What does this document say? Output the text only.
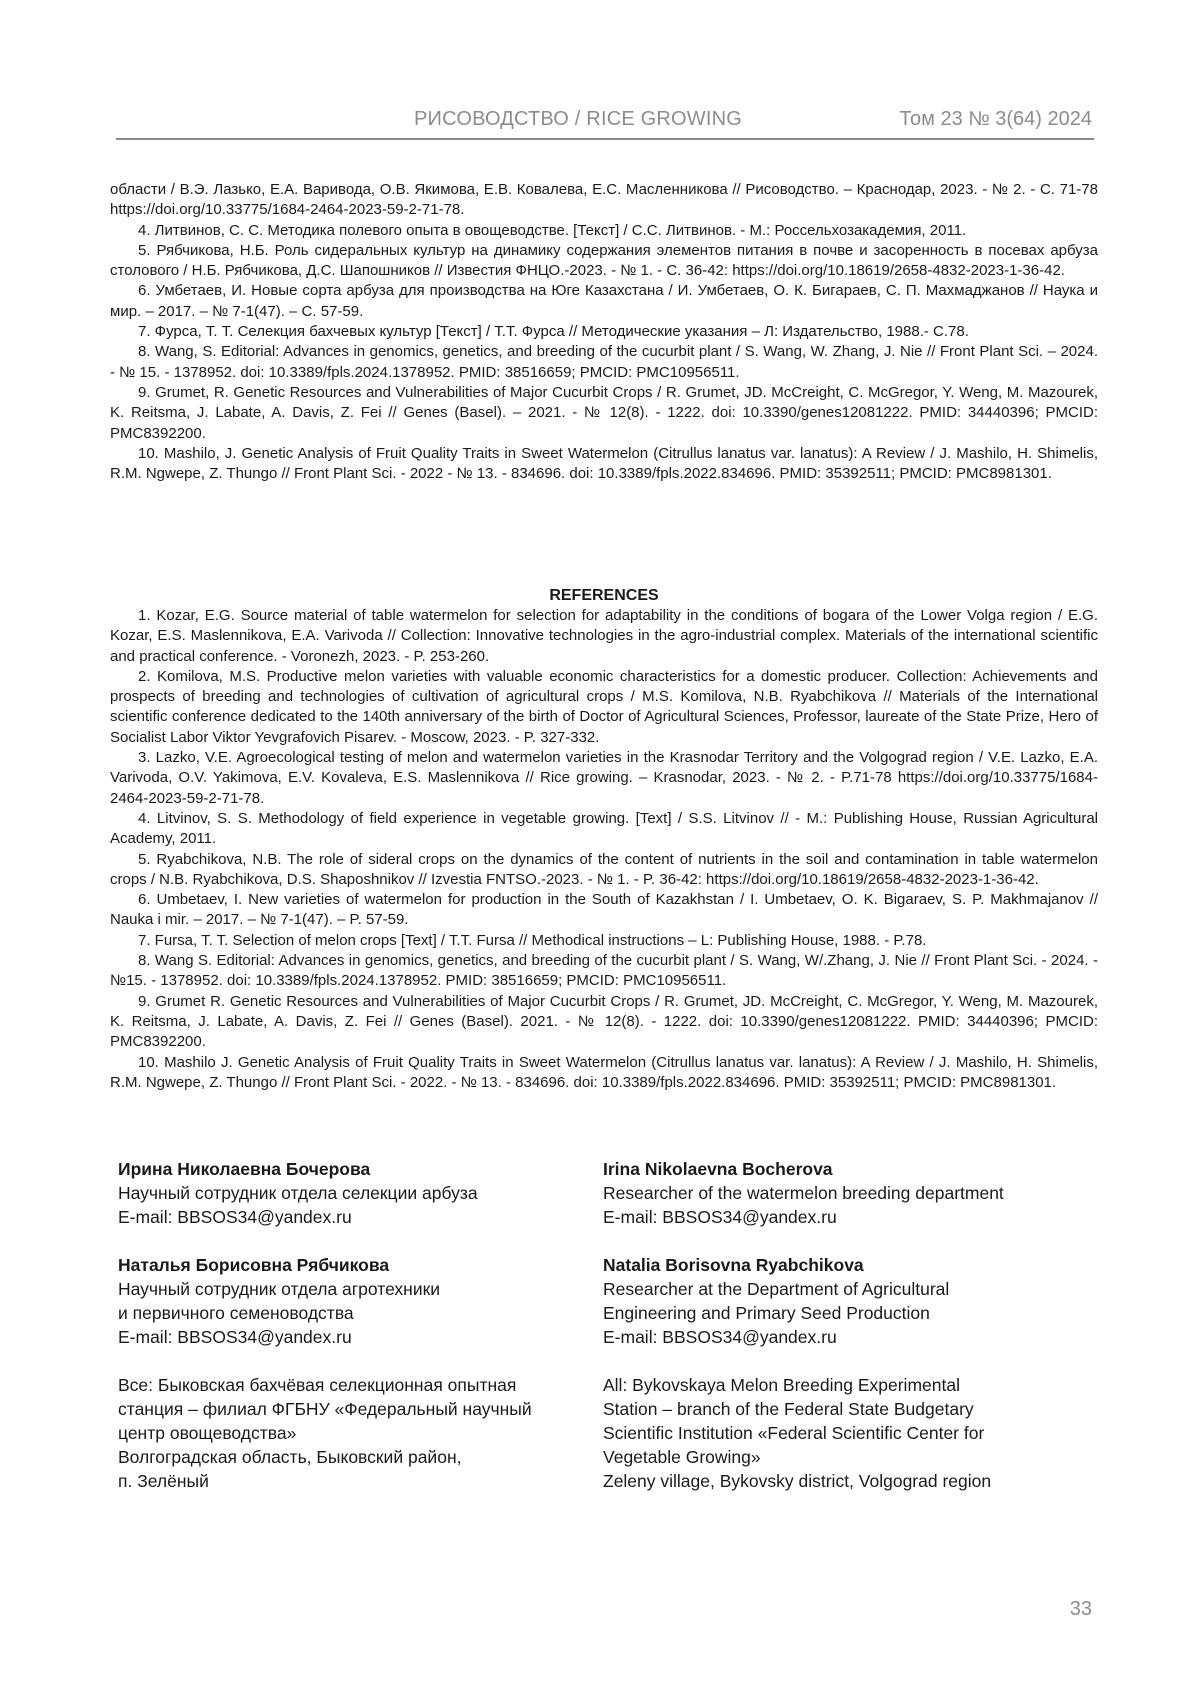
РИСОВОДСТВО / RICE GROWING	Том 23 № 3(64) 2024

области / В.Э. Лазько, Е.А. Варивода, О.В. Якимова, Е.В. Ковалева, Е.С. Масленникова // Рисоводство. – Краснодар, 2023. - № 2. - С. 71-78 https://doi.org/10.33775/1684-2464-2023-59-2-71-78.

4. Литвинов, С. С. Методика полевого опыта в овощеводстве. [Текст] / С.С. Литвинов. - М.: Россельхозакадемия, 2011.

5. Рябчикова, Н.Б. Роль сидеральных культур на динамику содержания элементов питания в почве и засоренность в посевах арбуза столового / Н.Б. Рябчикова, Д.С. Шапошников // Известия ФНЦО.-2023. - № 1. - С. 36-42: https://doi.org/10.18619/2658-4832-2023-1-36-42.

6. Умбетаев, И. Новые сорта арбуза для производства на Юге Казахстана / И. Умбетаев, О. К. Бигараев, С. П. Махмаджанов // Наука и мир. – 2017. – № 7-1(47). – С. 57-59.

7. Фурса, Т. Т. Селекция бахчевых культур [Текст] / Т.Т. Фурса // Методические указания – Л: Издательство, 1988.- С.78.

8. Wang, S. Editorial: Advances in genomics, genetics, and breeding of the cucurbit plant / S. Wang, W. Zhang, J. Nie // Front Plant Sci. – 2024. - № 15. - 1378952. doi: 10.3389/fpls.2024.1378952. PMID: 38516659; PMCID: PMC10956511.

9. Grumet, R. Genetic Resources and Vulnerabilities of Major Cucurbit Crops / R. Grumet, JD. McCreight, C. McGregor, Y. Weng, M. Mazourek, K. Reitsma, J. Labate, A. Davis, Z. Fei // Genes (Basel). – 2021. - № 12(8). - 1222. doi: 10.3390/genes12081222. PMID: 34440396; PMCID: PMC8392200.

10. Mashilo, J. Genetic Analysis of Fruit Quality Traits in Sweet Watermelon (Citrullus lanatus var. lanatus): A Review / J. Mashilo, H. Shimelis, R.M. Ngwepe, Z. Thungo // Front Plant Sci. - 2022 - № 13. - 834696. doi: 10.3389/fpls.2022.834696. PMID: 35392511; PMCID: PMC8981301.

REFERENCES

1. Kozar, E.G. Source material of table watermelon for selection for adaptability in the conditions of bogara of the Lower Volga region / E.G. Kozar, E.S. Maslennikova, E.A. Varivoda // Collection: Innovative technologies in the agro-industrial complex. Materials of the international scientific and practical conference. - Voronezh, 2023. - P. 253-260.

2. Komilova, M.S. Productive melon varieties with valuable economic characteristics for a domestic producer. Collection: Achievements and prospects of breeding and technologies of cultivation of agricultural crops / M.S. Komilova, N.B. Ryabchikova // Materials of the International scientific conference dedicated to the 140th anniversary of the birth of Doctor of Agricultural Sciences, Professor, laureate of the State Prize, Hero of Socialist Labor Viktor Yevgrafovich Pisarev. - Moscow, 2023. - P. 327-332.

3. Lazko, V.E. Agroecological testing of melon and watermelon varieties in the Krasnodar Territory and the Volgograd region / V.E. Lazko, E.A. Varivoda, O.V. Yakimova, E.V. Kovaleva, E.S. Maslennikova // Rice growing. – Krasnodar, 2023. - № 2. - P.71-78 https://doi.org/10.33775/1684-2464-2023-59-2-71-78.

4. Litvinov, S. S. Methodology of field experience in vegetable growing. [Text] / S.S. Litvinov // - M.: Publishing House, Russian Agricultural Academy, 2011.

5. Ryabchikova, N.B. The role of sideral crops on the dynamics of the content of nutrients in the soil and contamination in table watermelon crops / N.B. Ryabchikova, D.S. Shaposhnikov // Izvestia FNTSO.-2023. - № 1. - P. 36-42: https://doi.org/10.18619/2658-4832-2023-1-36-42.

6. Umbetaev, I. New varieties of watermelon for production in the South of Kazakhstan / I. Umbetaev, O. K. Bigaraev, S. P. Makhmajanov // Nauka i mir. – 2017. – № 7-1(47). – P. 57-59.

7. Fursa, T. T. Selection of melon crops [Text] / T.T. Fursa // Methodical instructions – L: Publishing House, 1988. - P.78.

8. Wang S. Editorial: Advances in genomics, genetics, and breeding of the cucurbit plant / S. Wang, W/.Zhang, J. Nie // Front Plant Sci. - 2024. -№15. - 1378952. doi: 10.3389/fpls.2024.1378952. PMID: 38516659; PMCID: PMC10956511.

9. Grumet R. Genetic Resources and Vulnerabilities of Major Cucurbit Crops / R. Grumet, JD. McCreight, C. McGregor, Y. Weng, M. Mazourek, K. Reitsma, J. Labate, A. Davis, Z. Fei // Genes (Basel). 2021. - № 12(8). - 1222. doi: 10.3390/genes12081222. PMID: 34440396; PMCID: PMC8392200.

10. Mashilo J. Genetic Analysis of Fruit Quality Traits in Sweet Watermelon (Citrullus lanatus var. lanatus): A Review / J. Mashilo, H. Shimelis, R.M. Ngwepe, Z. Thungo // Front Plant Sci. - 2022. - № 13. - 834696. doi: 10.3389/fpls.2022.834696. PMID: 35392511; PMCID: PMC8981301.

Ирина Николаевна Бочерова
Научный сотрудник отдела селекции арбуза
E-mail: BBSOS34@yandex.ru
Irina Nikolaevna Bocherova
Researcher of the watermelon breeding department
E-mail: BBSOS34@yandex.ru
Наталья Борисовна Рябчикова
Научный сотрудник отдела агротехники
и первичного семеноводства
E-mail: BBSOS34@yandex.ru
Natalia Borisovna Ryabchikova
Researcher at the Department of Agricultural
Engineering and Primary Seed Production
E-mail: BBSOS34@yandex.ru
Все: Быковская бахчёвая селекционная опытная
станция – филиал ФГБНУ «Федеральный научный
центр овощеводства»
Волгоградская область, Быковский район,
п. Зелёный
All: Bykovskaya Melon Breeding Experimental
Station – branch of the Federal State Budgetary
Scientific Institution «Federal Scientific Center for
Vegetable Growing»
Zeleny village, Bykovsky district, Volgograd region
33
